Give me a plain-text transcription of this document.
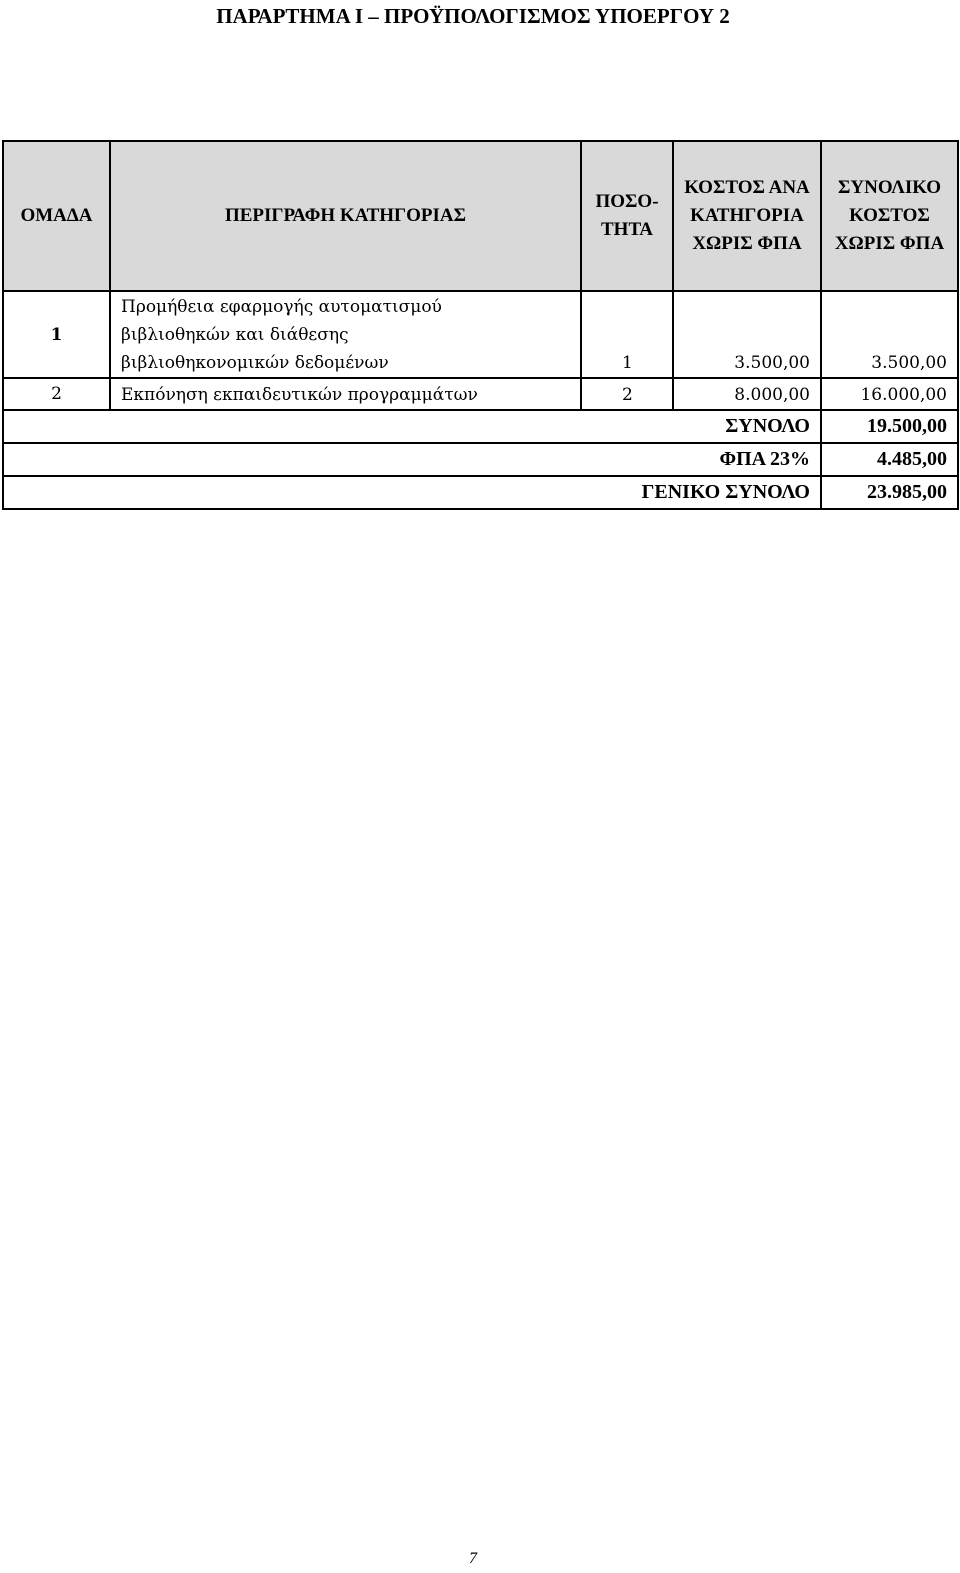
ΠΑΡΑΡΤΗΜΑ Ι – ΠΡΟΫΠΟΛΟΓΙΣΜΟΣ ΥΠΟΕΡΓΟΥ 2
ΟΜΑΔΑ	ΠΕΡΙΓΡΑΦΗ ΚΑΤΗΓΟΡΙΑΣ	ΠΟΣΟ-ΤΗΤΑ	ΚΟΣΤΟΣ ΑΝΑ ΚΑΤΗΓΟΡΙΑ ΧΩΡΙΣ ΦΠΑ	ΣΥΝΟΛΙΚΟ ΚΟΣΤΟΣ ΧΩΡΙΣ ΦΠΑ
1	Προμήθεια εφαρμογής αυτοματισμού βιβλιοθηκών και διάθεσης βιβλιοθηκονομικών δεδομένων	1	3.500,00	3.500,00
2	Εκπόνηση εκπαιδευτικών προγραμμάτων	2	8.000,00	16.000,00
ΣΥΝΟΛΟ				19.500,00
ΦΠΑ 23%				4.485,00
ΓΕΝΙΚΟ ΣΥΝΟΛΟ				23.985,00
7
